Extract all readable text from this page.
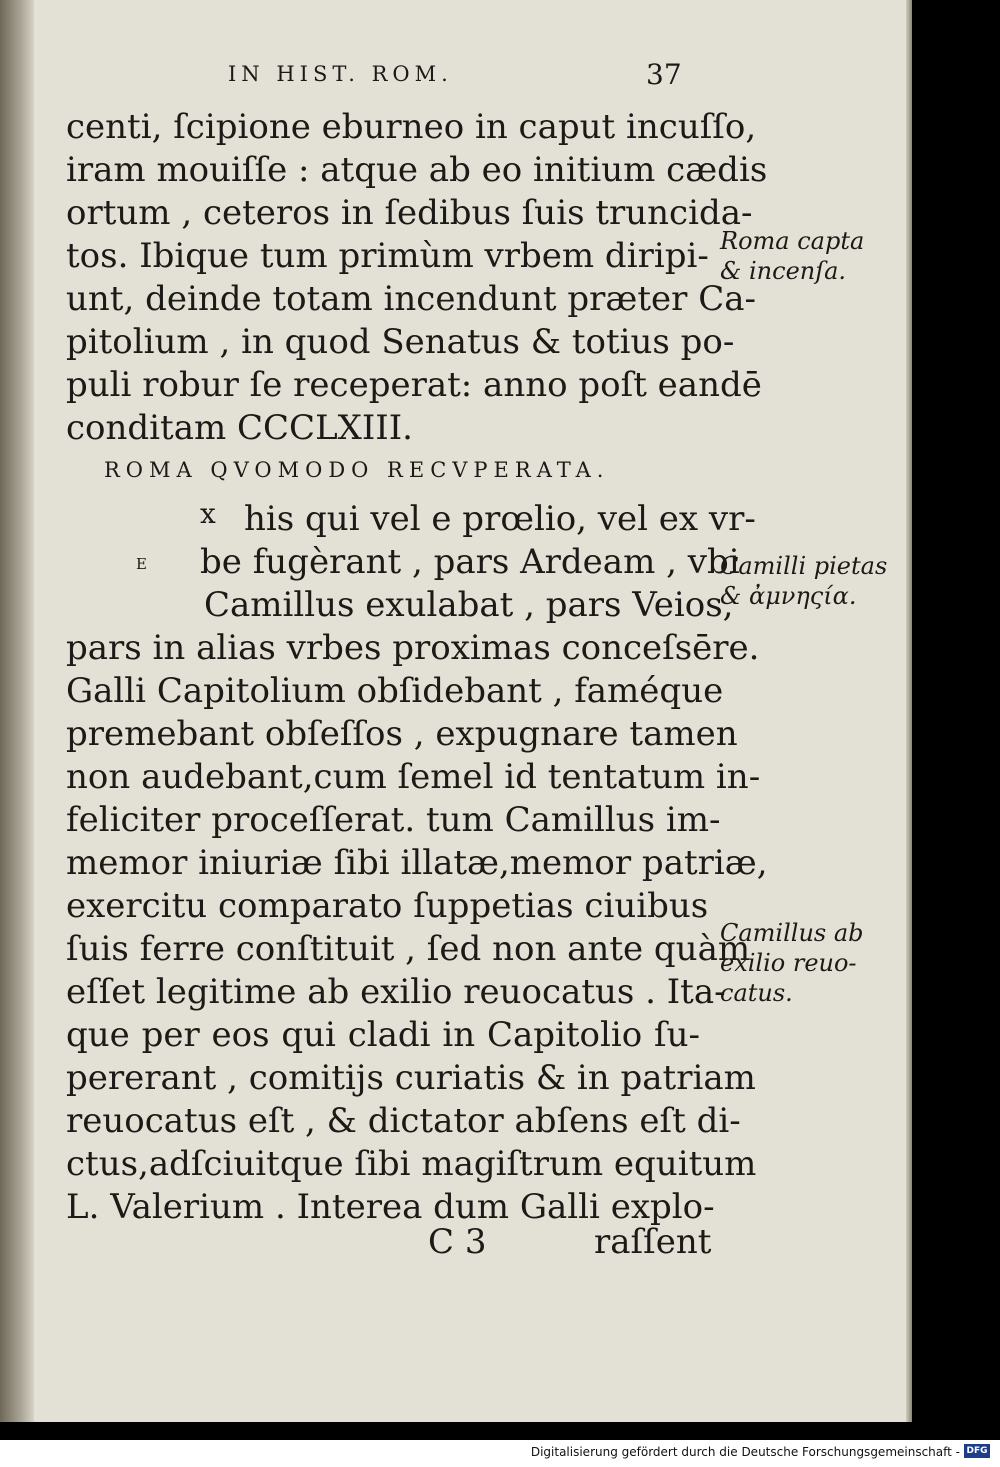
IN HIST. ROM.	37
centi, ſcipione eburneo in caput incuſſo,
iram mouiſſe : atque ab eo initium cædis
ortum , ceteros in ſedibus ſuis truncida-
tos. Ibique tum primùm vrbem diripi-
unt, deinde totam incendunt præter Ca-
pitolium , in quod Senatus & totius po-
puli robur ſe receperat: anno poſt eandē
conditam CCCLXIII.
ROMA QVOMODO RECVPERATA.
x
E
his qui vel e prœlio, vel ex vr-
be fugèrant , pars Ardeam , vbi
Camillus exulabat , pars Veios,
pars in alias vrbes proximas conceſsēre.
Galli Capitolium obſidebant , faméque
premebant obſeſſos , expugnare tamen
non audebant,cum ſemel id tentatum in-
feliciter proceſſerat. tum Camillus im-
memor iniuriæ ſibi illatæ,memor patriæ,
exercitu comparato ſuppetias ciuibus
ſuis ferre conſtituit , ſed non ante quàm
eſſet legitime ab exilio reuocatus . Ita-
que per eos qui cladi in Capitolio ſu-
pererant , comitijs curiatis & in patriam
reuocatus eſt , & dictator abſens eſt di-
ctus,adſciuitque ſibi magiſtrum equitum
L. Valerium . Interea dum Galli explo-
C 3	raſſent
Roma capta
& incenſa.
Camilli pietas
& ἀμνηςία.
Camillus ab
exilio reuo-
catus.
Digitalisierung gefördert durch die Deutsche Forschungsgemeinschaft - DFG
